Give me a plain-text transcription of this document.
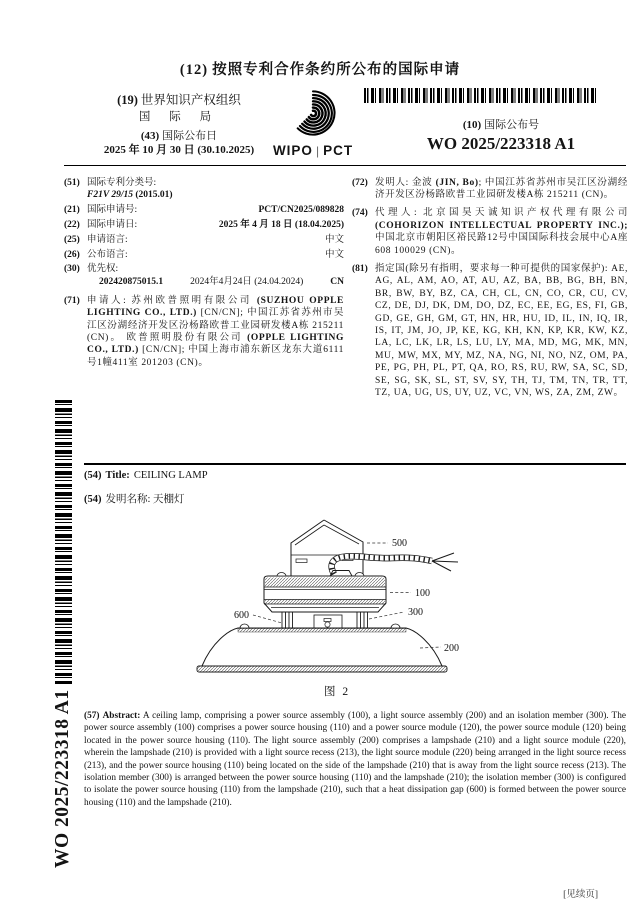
(12) 按照专利合作条约所公布的国际申请
(19) 世界知识产权组织
国 际 局
(43) 国际公布日
2025 年 10 月 30 日 (30.10.2025)	WIPO | PCT
(10) 国际公布号
WO 2025/223318 A1
(51) 国际专利分类号:
F21V 29/15 (2015.01)
(21) 国际申请号:	PCT/CN2025/089828
(22) 国际申请日:	2025 年 4 月 18 日 (18.04.2025)
(25) 申请语言:	中文
(26) 公布语言:	中文
(30) 优先权:
202420875015.1	2024年4月24日 (24.04.2024)	CN
(71) 申请人: 苏州欧普照明有限公司 (SUZHOU OPPLE LIGHTING CO., LTD.) [CN/CN]; 中国江苏省苏州市吴江区汾湖经济开发区汾杨路欧普工业园研发楼A栋 215211 (CN)。 欧普照明股份有限公司 (OPPLE LIGHTING CO., LTD.) [CN/CN]; 中国上海市浦东新区龙东大道6111号1幢411室 201203 (CN)。
(72) 发明人: 金波 (JIN, Bo); 中国江苏省苏州市吴江区汾湖经济开发区汾杨路欧普工业园研发楼A栋 215211 (CN)。
(74) 代理人: 北京国昊天诚知识产权代理有限公司 (COHORIZON INTELLECTUAL PROPERTY INC.); 中国北京市朝阳区裕民路12号中国国际科技会展中心A座608 100029 (CN)。
(81) 指定国(除另有指明，要求每一种可提供的国家保护): AE, AG, AL, AM, AO, AT, AU, AZ, BA, BB, BG, BH, BN, BR, BW, BY, BZ, CA, CH, CL, CN, CO, CR, CU, CV, CZ, DE, DJ, DK, DM, DO, DZ, EC, EE, EG, ES, FI, GB, GD, GE, GH, GM, GT, HN, HR, HU, ID, IL, IN, IQ, IR, IS, IT, JM, JO, JP, KE, KG, KH, KN, KP, KR, KW, KZ, LA, LC, LK, LR, LS, LU, LY, MA, MD, MG, MK, MN, MU, MW, MX, MY, MZ, NA, NG, NI, NO, NZ, OM, PA, PE, PG, PH, PL, PT, QA, RO, RS, RU, RW, SA, SC, SD, SE, SG, SK, SL, ST, SV, SY, TH, TJ, TM, TN, TR, TT, TZ, UA, UG, US, UY, UZ, VC, VN, WS, ZA, ZM, ZW。
WO 2025/223318 A1
(54) Title: CEILING LAMP
(54) 发明名称: 天棚灯
500
100
300
600
200
图 2
(57) Abstract: A ceiling lamp, comprising a power source assembly (100), a light source assembly (200) and an isolation member (300). The power source assembly (100) comprises a power source housing (110) and a power source module (120), the power source module (120) being located in the power source housing (110). The light source assembly (200) comprises a lampshade (210) and a light source module (220), wherein the lampshade (210) is provided with a light source recess (213), the light source module (220) being arranged in the light source recess (213), and the power source housing (110) being located on the side of the lampshade (210) that is away from the light source recess (213). The isolation member (300) is arranged between the power source housing (110) and the lampshade (210); the isolation member (300) is configured to isolate the power source housing (110) from the lampshade (210), such that a heat dissipation gap (600) is formed between the power source housing (110) and the lampshade (210).
[见续页]
